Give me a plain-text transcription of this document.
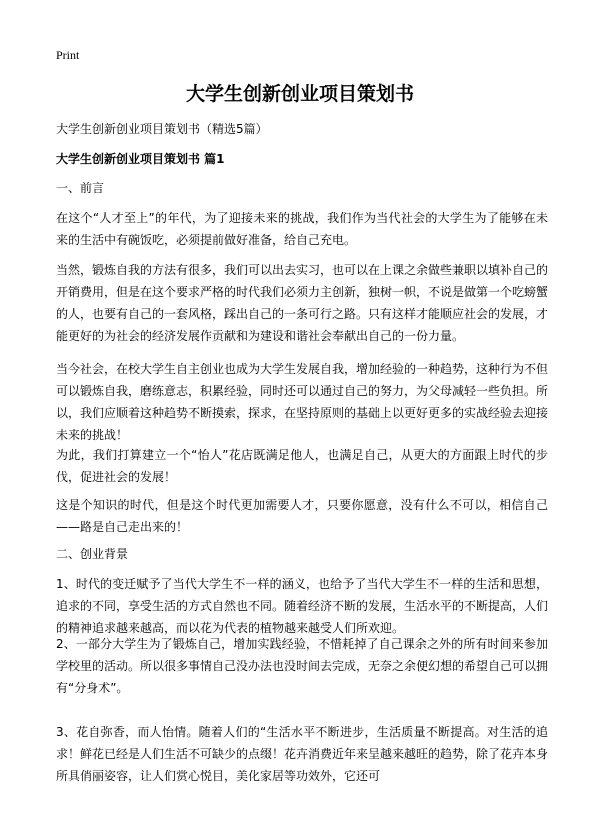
Print
大学生创新创业项目策划书

大学生创新创业项目策划书（精选5篇）

大学生创新创业项目策划书 篇1

一、前言

在这个“人才至上”的年代，为了迎接未来的挑战，我们作为当代社会的大学生为了能够在未来的生活中有碗饭吃，必须提前做好准备，给自己充电。

当然，锻炼自我的方法有很多，我们可以出去实习，也可以在上课之余做些兼职以填补自己的开销费用，但是在这个要求严格的时代我们必须力主创新，独树一帜，不说是做第一个吃螃蟹的人，也要有自己的一套风格，踩出自己的一条可行之路。只有这样才能顺应社会的发展，才能更好的为社会的经济发展作贡献和为建设和谐社会奉献出自己的一份力量。

当今社会，在校大学生自主创业也成为大学生发展自我，增加经验的一种趋势，这种行为不但可以锻炼自我，磨练意志，积累经验，同时还可以通过自己的努力，为父母减轻一些负担。所以，我们应顺着这种趋势不断摸索，探求，在坚持原则的基础上以更好更多的实战经验去迎接未来的挑战！

为此，我们打算建立一个“怡人”花店既满足他人，也满足自己，从更大的方面跟上时代的步伐，促进社会的发展！

这是个知识的时代，但是这个时代更加需要人才，只要你愿意，没有什么不可以，相信自己——路是自己走出来的！

二、创业背景

1、时代的变迁赋予了当代大学生不一样的涵义，也给予了当代大学生不一样的生活和思想，追求的不同，享受生活的方式自然也不同。随着经济不断的发展，生活水平的不断提高，人们的精神追求越来越高，而以花为代表的植物越来越受人们所欢迎。

2、一部分大学生为了锻炼自己，增加实践经验，不惜耗掉了自己课余之外的所有时间来参加学校里的活动。所以很多事情自己没办法也没时间去完成，无奈之余便幻想的希望自己可以拥有“分身术”。

3、花自弥香，而人怡情。随着人们的“生活水平不断进步，生活质量不断提高。对生活的追求！鲜花已经是人们生活不可缺少的点缀！花卉消费近年来呈越来越旺的趋势，除了花卉本身所具俏丽姿容，让人们赏心悦目，美化家居等功效外，它还可
